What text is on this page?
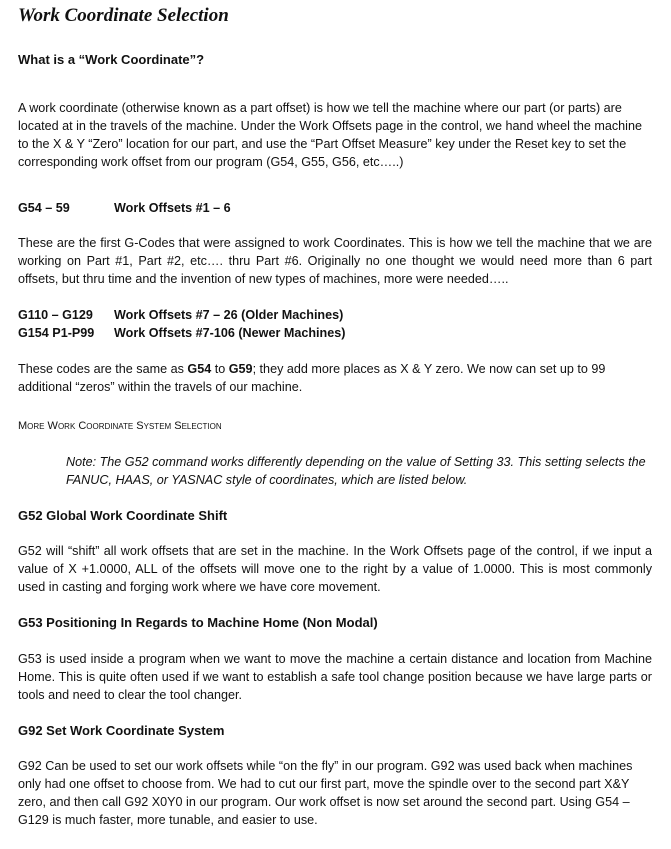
Work Coordinate Selection
What is a “Work Coordinate”?

A work coordinate (otherwise known as a part offset) is how we tell the machine where our part (or parts) are located at in the travels of the machine. Under the Work Offsets page in the control, we hand wheel the machine to the X & Y “Zero” location for our part, and use the “Part Offset Measure” key under the Reset key to set the corresponding work offset from our program (G54, G55, G56, etc…..)

G54 – 59	Work Offsets #1 – 6

These are the first G-Codes that were assigned to work Coordinates. This is how we tell the machine that we are working on Part #1, Part #2, etc…. thru Part #6. Originally no one thought we would need more than 6 part offsets, but thru time and the invention of new types of machines, more were needed…..

G110 – G129 Work Offsets #7 – 26 (Older Machines)
G154 P1-P99 Work Offsets #7-106 (Newer Machines)

These codes are the same as G54 to G59; they add more places as X & Y zero. We now can set up to 99 additional “zeros” within the travels of our machine.

More Work Coordinate System Selection

Note: The G52 command works differently depending on the value of Setting 33. This setting selects the FANUC, HAAS, or YASNAC style of coordinates, which are listed below.

G52 Global Work Coordinate Shift

G52 will “shift” all work offsets that are set in the machine. In the Work Offsets page of the control, if we input a value of X +1.0000, ALL of the offsets will move one to the right by a value of 1.0000. This is most commonly used in casting and forging work where we have core movement.

G53 Positioning In Regards to Machine Home (Non Modal)

G53 is used inside a program when we want to move the machine a certain distance and location from Machine Home. This is quite often used if we want to establish a safe tool change position because we have large parts or tools and need to clear the tool changer.

G92 Set Work Coordinate System

G92 Can be used to set our work offsets while “on the fly” in our program. G92 was used back when machines only had one offset to choose from. We had to cut our first part, move the spindle over to the second part X&Y zero, and then call G92 X0Y0 in our program. Our work offset is now set around the second part. Using G54 – G129 is much faster, more tunable, and easier to use.
